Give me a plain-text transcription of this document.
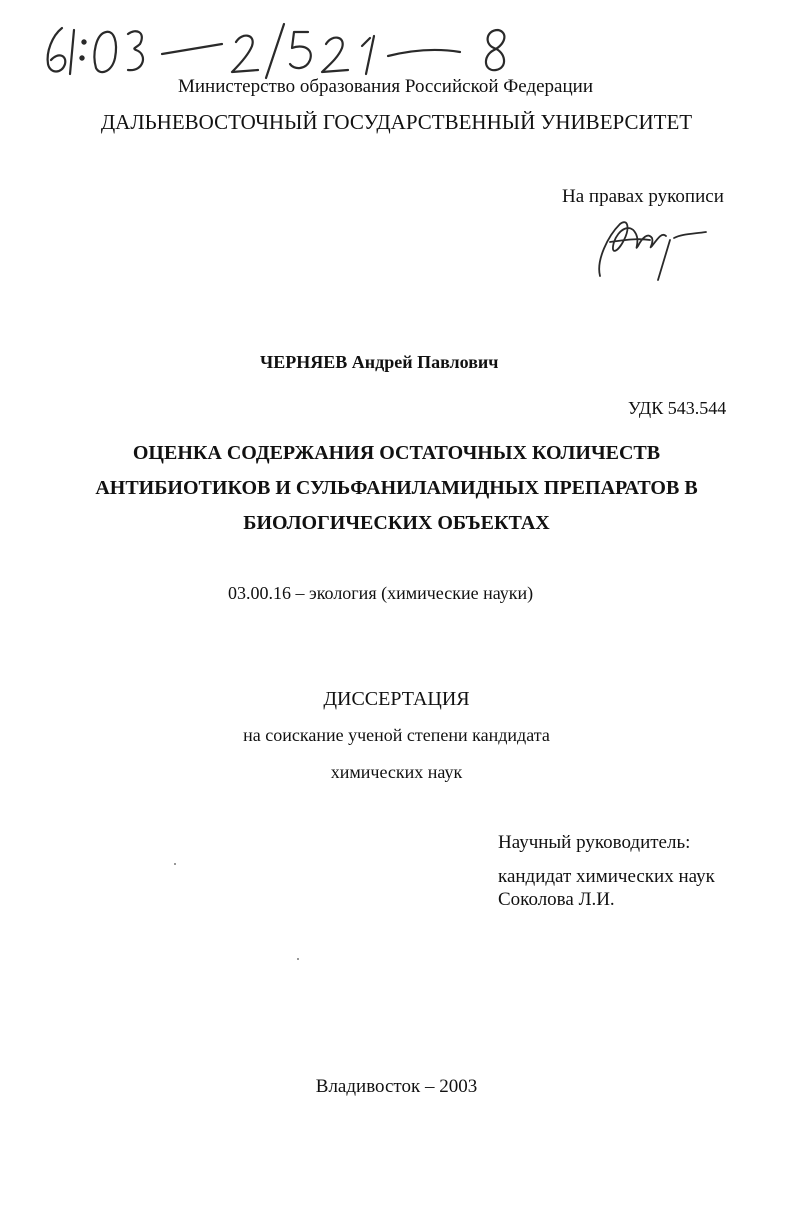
Министерство образования Российской Федерации
ДАЛЬНЕВОСТОЧНЫЙ ГОСУДАРСТВЕННЫЙ УНИВЕРСИТЕТ
На правах рукописи
ЧЕРНЯЕВ Андрей Павлович
УДК 543.544
ОЦЕНКА СОДЕРЖАНИЯ ОСТАТОЧНЫХ КОЛИЧЕСТВ
АНТИБИОТИКОВ И СУЛЬФАНИЛАМИДНЫХ ПРЕПАРАТОВ В
БИОЛОГИЧЕСКИХ ОБЪЕКТАХ
03.00.16 – экология (химические науки)
ДИССЕРТАЦИЯ
на соискание ученой степени кандидата
химических наук
Научный руководитель:
кандидат химических наук
Соколова Л.И.
Владивосток – 2003
